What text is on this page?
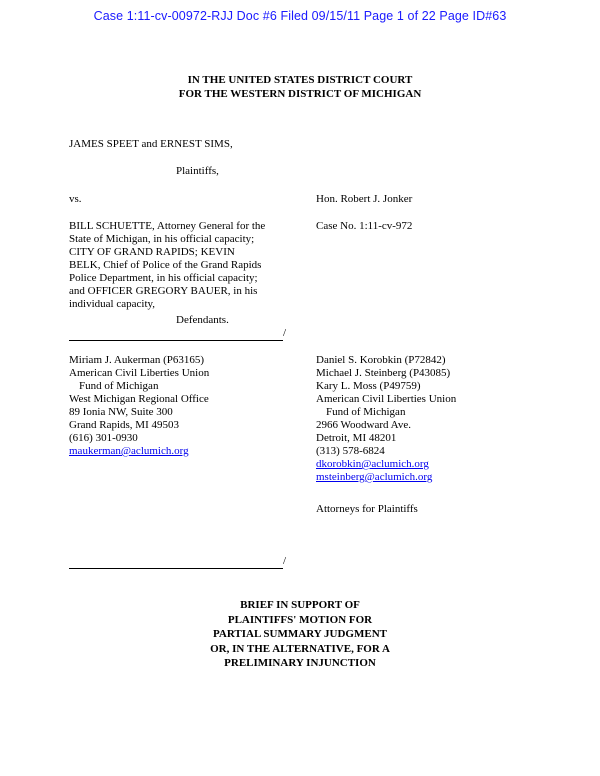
Case 1:11-cv-00972-RJJ Doc #6 Filed 09/15/11 Page 1 of 22 Page ID#63
IN THE UNITED STATES DISTRICT COURT
FOR THE WESTERN DISTRICT OF MICHIGAN
JAMES SPEET and ERNEST SIMS,
Plaintiffs,
vs.	Hon. Robert J. Jonker
Case No. 1:11-cv-972
BILL SCHUETTE, Attorney General for the
State of Michigan, in his official capacity;
CITY OF GRAND RAPIDS; KEVIN
BELK, Chief of Police of the Grand Rapids
Police Department, in his official capacity;
and OFFICER GREGORY BAUER, in his
individual capacity,
Defendants.
/
Miriam J. Aukerman (P63165)
American Civil Liberties Union
Fund of Michigan
West Michigan Regional Office
89 Ionia NW, Suite 300
Grand Rapids, MI 49503
(616) 301-0930
maukerman@aclumich.org
Daniel S. Korobkin (P72842)
Michael J. Steinberg (P43085)
Kary L. Moss (P49759)
American Civil Liberties Union
Fund of Michigan
2966 Woodward Ave.
Detroit, MI 48201
(313) 578-6824
dkorobkin@aclumich.org
msteinberg@aclumich.org
Attorneys for Plaintiffs
/
BRIEF IN SUPPORT OF
PLAINTIFFS' MOTION FOR
PARTIAL SUMMARY JUDGMENT
OR, IN THE ALTERNATIVE, FOR A
PRELIMINARY INJUNCTION
